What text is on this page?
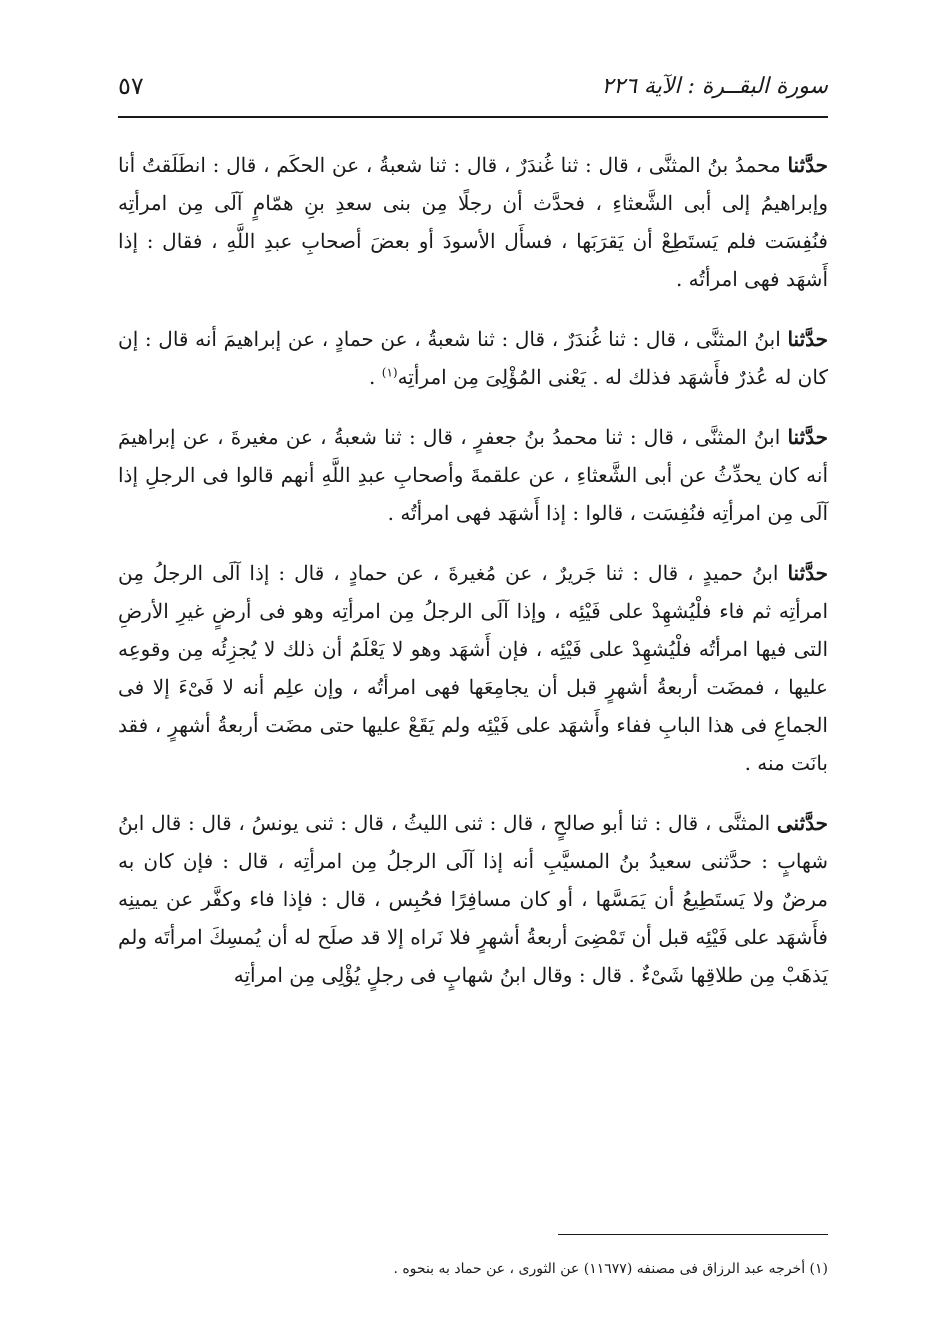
سورة البقــرة : الآية ٢٢٦
٥٧

حدَّثنا محمدُ بنُ المثنَّى ، قال : ثنا غُندَرٌ ، قال : ثنا شعبةُ ، عن الحكَم ، قال : انطَلَقتُ أنا وإبراهيمُ إلى أبى الشَّعثاءِ ، فحدَّث أن رجلًا مِن بنى سعدِ بنِ همّامٍ آلَى مِن امرأتِه فنُفِسَت فلم يَستَطِعْ أن يَقرَبَها ، فسأَل الأسودَ أو بعضَ أصحابِ عبدِ اللَّهِ ، فقال : إذا أَشهَد فهى امرأتُه .

حدَّثنا ابنُ المثنَّى ، قال : ثنا غُندَرٌ ، قال : ثنا شعبةُ ، عن حمادٍ ، عن إبراهيمَ أنه قال : إن كان له عُذرٌ فأَشهَد فذلك له . يَعْنى المُؤْلِىَ مِن امرأتِه$^{(١)}$ .

حدَّثنا ابنُ المثنَّى ، قال : ثنا محمدُ بنُ جعفرٍ ، قال : ثنا شعبةُ ، عن مغيرةَ ، عن إبراهيمَ أنه كان يحدِّثُ عن أبى الشَّعثاءِ ، عن علقمةَ وأصحابِ عبدِ اللَّهِ أنهم قالوا فى الرجلِ إذا آلَى مِن امرأتِه فنُفِسَت ، قالوا : إذا أَشهَد فهى امرأتُه .

حدَّثنا ابنُ حميدٍ ، قال : ثنا جَريرٌ ، عن مُغيرةَ ، عن حمادٍ ، قال : إذا آلَى الرجلُ مِن امرأتِه ثم فاء فلْيُشهِدْ على فَيْئِه ، وإذا آلَى الرجلُ مِن امرأتِه وهو فى أرضٍ غيرِ الأرضِ التى فيها امرأتُه فلْيُشهِدْ على فَيْئِه ، فإن أَشهَد وهو لا يَعْلَمُ أن ذلك لا يُجزِئُه مِن وقوعِه عليها ، فمضَت أربعةُ أشهرٍ قبل أن يجامِعَها فهى امرأتُه ، وإن علِم أنه لا فَىْءَ إلا فى الجماعِ فى هذا البابِ ففاء وأَشهَد على فَيْئِه ولم يَقَعْ عليها حتى مضَت أربعةُ أشهرٍ ، فقد بانَت منه .

حدَّثنى المثنَّى ، قال : ثنا أبو صالحٍ ، قال : ثنى الليثُ ، قال : ثنى يونسُ ، قال : قال ابنُ شهابٍ : حدَّثنى سعيدُ بنُ المسيَّبِ أنه إذا آلَى الرجلُ مِن امرأتِه ، قال : فإن كان به مرضٌ ولا يَستَطِيعُ أن يَمَسَّها ، أو كان مسافِرًا فحُبِس ، قال : فإذا فاء وكفَّر عن يمينِه فأَشهَد على فَيْئِه قبل أن تَمْضِىَ أربعةُ أشهرٍ فلا نَراه إلا قد صلَح له أن يُمسِكَ امرأتَه ولم يَذهَبْ مِن طلاقِها شَىْءٌ . قال : وقال ابنُ شهابٍ فى رجلٍ يُؤْلِى مِن امرأتِه

(١) أخرجه عبد الرزاق فى مصنفه (١١٦٧٧) عن الثورى ، عن حماد به بنحوه .
